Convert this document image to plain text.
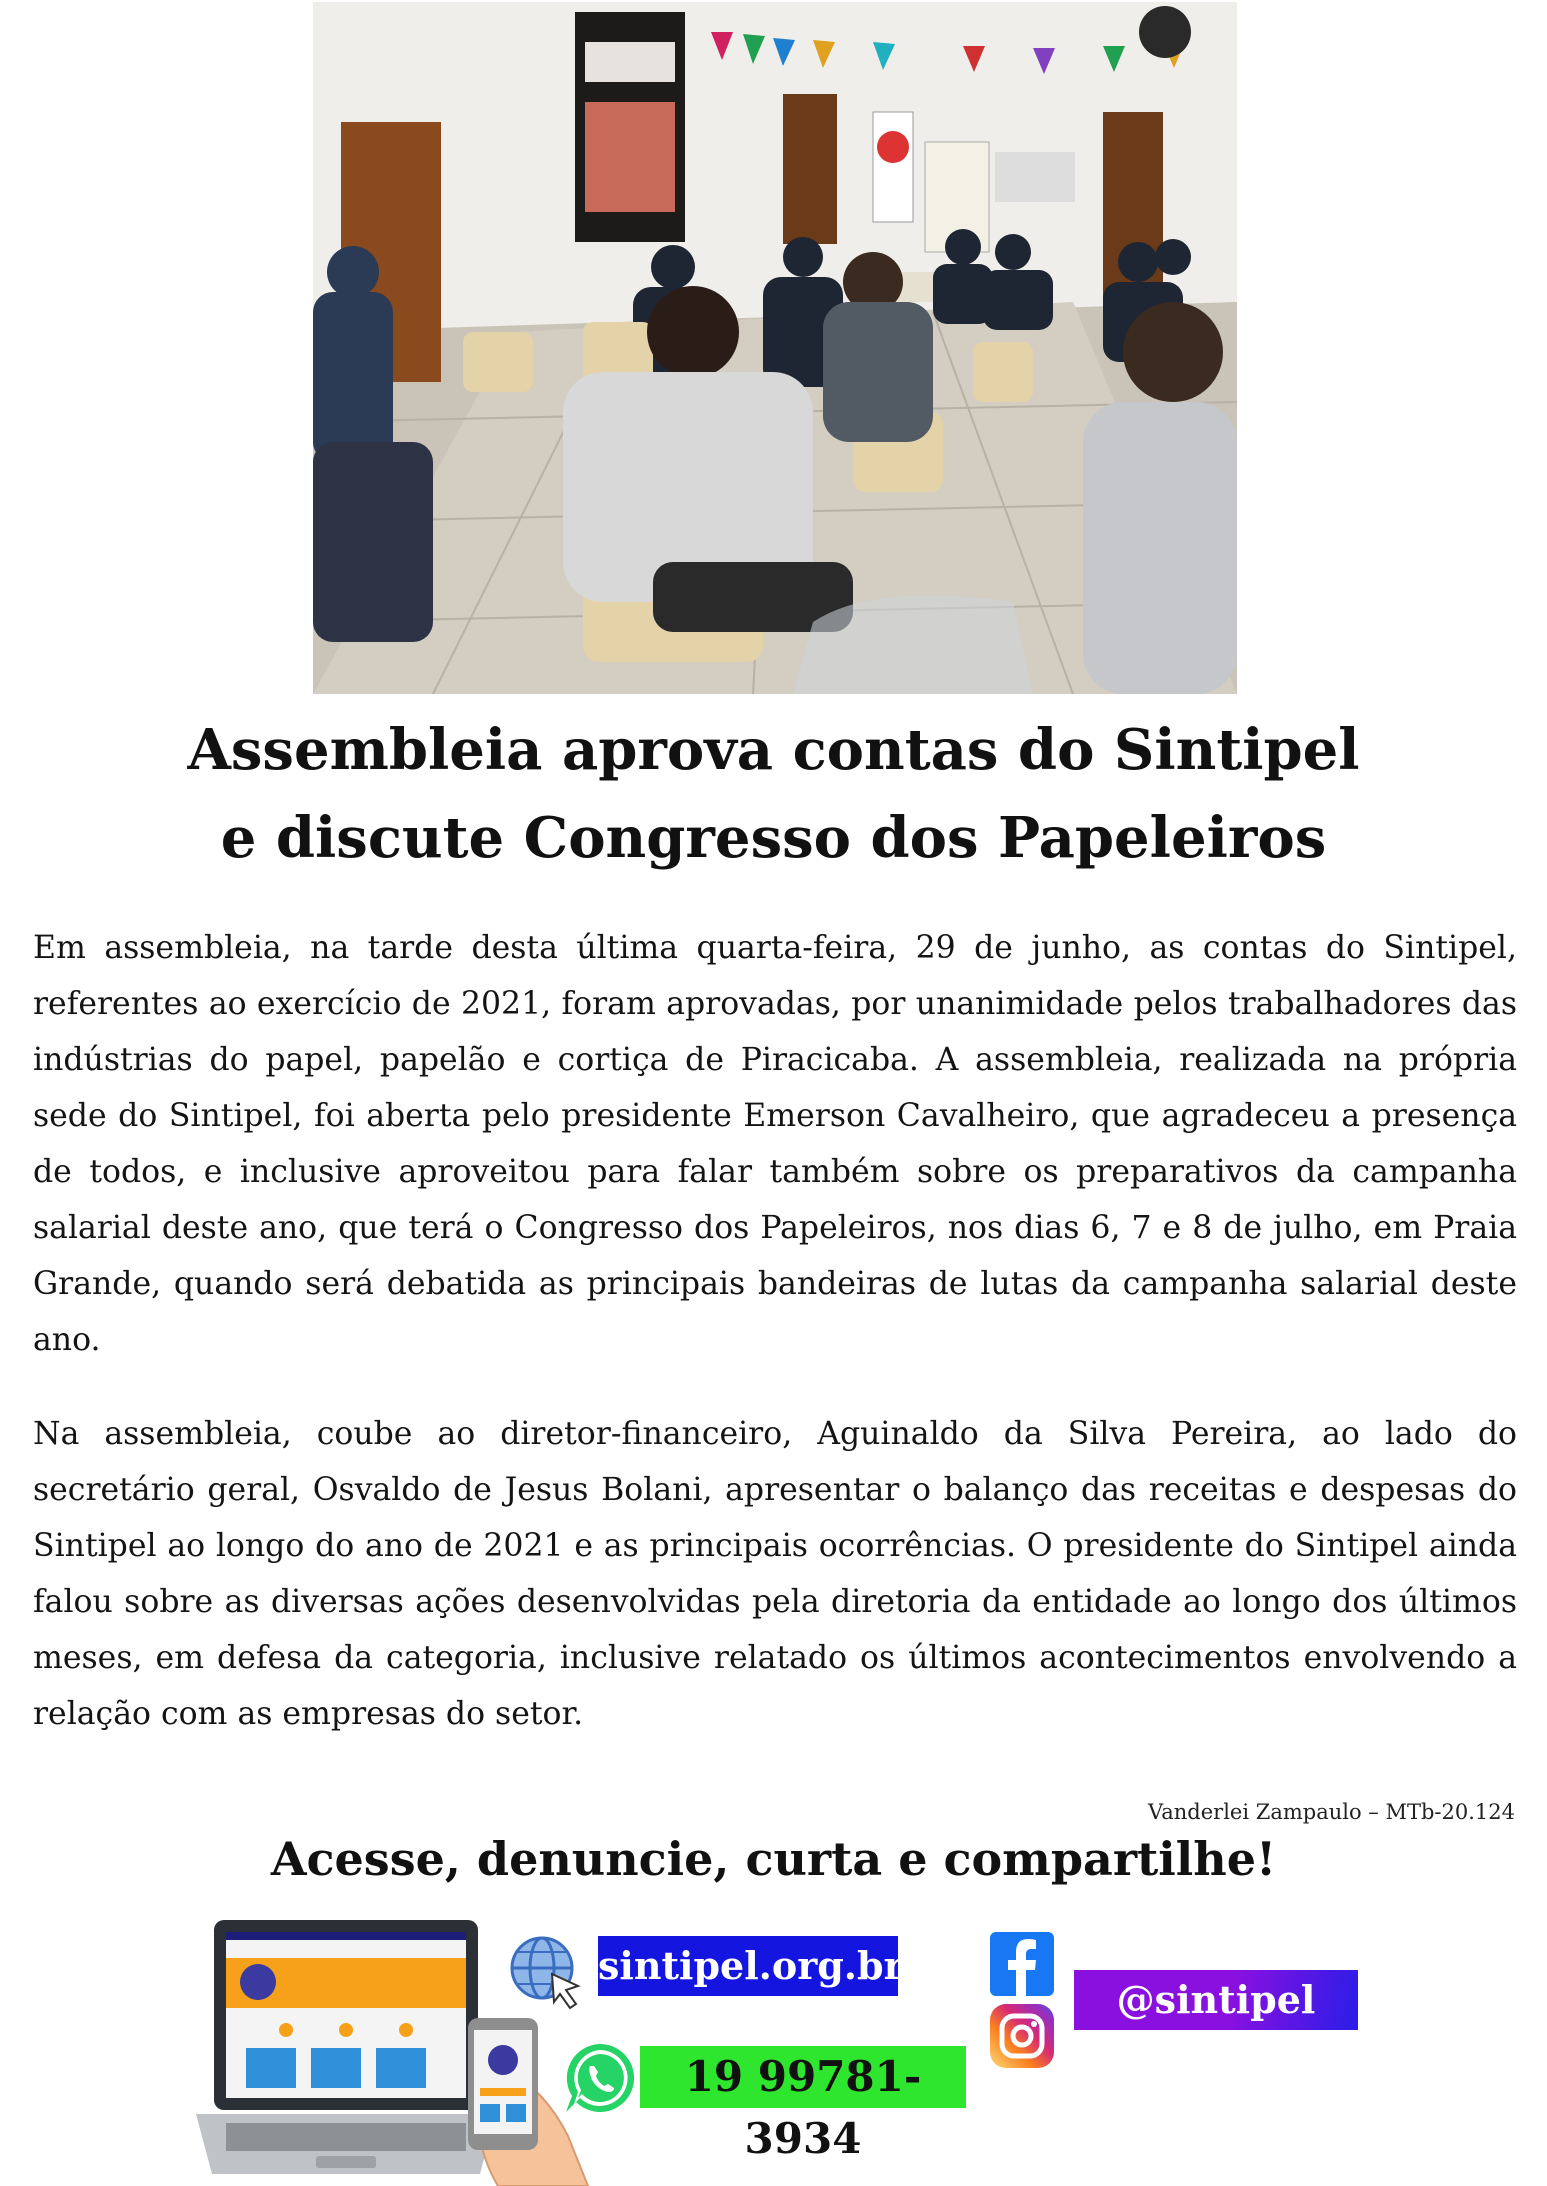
Assembleia aprova contas do Sintipel
e discute Congresso dos Papeleiros

Em assembleia, na tarde desta última quarta-feira, 29 de junho, as contas do Sintipel, referentes ao exercício de 2021, foram aprovadas, por unanimidade pelos trabalhadores das indústrias do papel, papelão e cortiça de Piracicaba. A assembleia, realizada na própria sede do Sintipel, foi aberta pelo presidente Emerson Cavalheiro, que agradeceu a presença de todos, e inclusive aproveitou para falar também sobre os preparativos da campanha salarial deste ano, que terá o Congresso dos Papeleiros, nos dias 6, 7 e 8 de julho, em Praia Grande, quando será debatida as principais bandeiras de lutas da campanha salarial deste ano.

Na assembleia, coube ao diretor-financeiro, Aguinaldo da Silva Pereira, ao lado do secretário geral, Osvaldo de Jesus Bolani, apresentar o balanço das receitas e despesas do Sintipel ao longo do ano de 2021 e as principais ocorrências. O presidente do Sintipel ainda falou sobre as diversas ações desenvolvidas pela diretoria da entidade ao longo dos últimos meses, em defesa da categoria, inclusive relatado os últimos acontecimentos envolvendo a relação com as empresas do setor.

Vanderlei Zampaulo – MTb-20.124
Acesse, denuncie, curta e compartilhe!
sintipel.org.br
19 99781-3934
@sintipel
